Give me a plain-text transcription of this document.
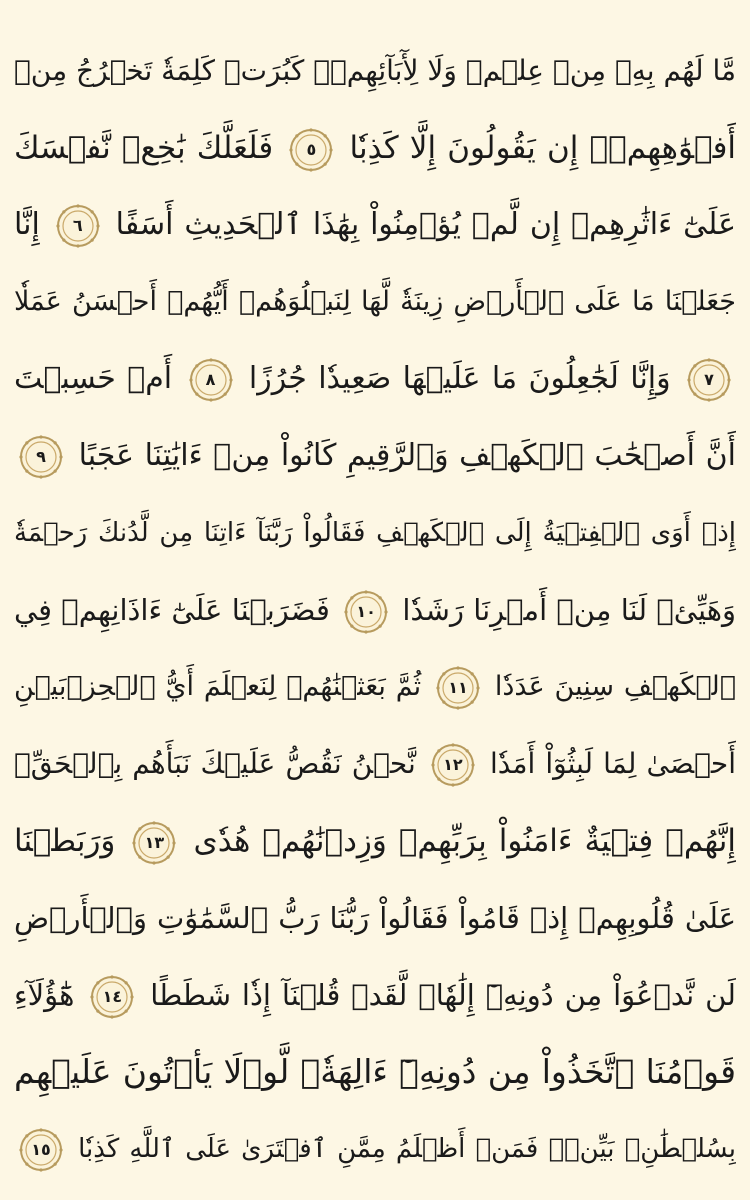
مَّا لَهُم بِهِۦ مِنۡ عِلۡمٖ وَلَا لِأٓبَآئِهِمۡۚ كَبُرَتۡ كَلِمَةٗ تَخۡرُجُ مِنۡ
أَفۡوَٰهِهِمۡۚ إِن يَقُولُونَ إِلَّا كَذِبٗا
٥
فَلَعَلَّكَ بَٰخِعٞ نَّفۡسَكَ
عَلَىٰٓ ءَاثَٰرِهِمۡ إِن لَّمۡ يُؤۡمِنُواْ بِهَٰذَا ٱلۡحَدِيثِ أَسَفًا
٦
إِنَّا
جَعَلۡنَا مَا عَلَى ٱلۡأَرۡضِ زِينَةٗ لَّهَا لِنَبۡلُوَهُمۡ أَيُّهُمۡ أَحۡسَنُ عَمَلٗا
٧
وَإِنَّا لَجَٰعِلُونَ مَا عَلَيۡهَا صَعِيدٗا جُرُزًا
٨
أَمۡ حَسِبۡتَ
أَنَّ أَصۡحَٰبَ ٱلۡكَهۡفِ وَٱلرَّقِيمِ كَانُواْ مِنۡ ءَايَٰتِنَا عَجَبًا
٩
إِذۡ أَوَى ٱلۡفِتۡيَةُ إِلَى ٱلۡكَهۡفِ فَقَالُواْ رَبَّنَآ ءَاتِنَا مِن لَّدُنكَ رَحۡمَةٗ
وَهَيِّئۡ لَنَا مِنۡ أَمۡرِنَا رَشَدٗا
١٠
فَضَرَبۡنَا عَلَىٰٓ ءَاذَانِهِمۡ فِي
ٱلۡكَهۡفِ سِنِينَ عَدَدٗا
١١
ثُمَّ بَعَثۡنَٰهُمۡ لِنَعۡلَمَ أَيُّ ٱلۡحِزۡبَيۡنِ
أَحۡصَىٰ لِمَا لَبِثُوٓاْ أَمَدٗا
١٢
نَّحۡنُ نَقُصُّ عَلَيۡكَ نَبَأَهُم بِٱلۡحَقِّۚ
إِنَّهُمۡ فِتۡيَةٌ ءَامَنُواْ بِرَبِّهِمۡ وَزِدۡنَٰهُمۡ هُدٗى
١٣
وَرَبَطۡنَا
عَلَىٰ قُلُوبِهِمۡ إِذۡ قَامُواْ فَقَالُواْ رَبُّنَا رَبُّ ٱلسَّمَٰوَٰتِ وَٱلۡأَرۡضِ
لَن نَّدۡعُوَاْ مِن دُونِهِۦٓ إِلَٰهٗاۖ لَّقَدۡ قُلۡنَآ إِذٗا شَطَطًا
١٤
هَٰٓؤُلَآءِ
قَوۡمُنَا ٱتَّخَذُواْ مِن دُونِهِۦٓ ءَالِهَةٗۖ لَّوۡلَا يَأۡتُونَ عَلَيۡهِم
بِسُلۡطَٰنِۭ بَيِّنٖۖ فَمَنۡ أَظۡلَمُ مِمَّنِ ٱفۡتَرَىٰ عَلَى ٱللَّهِ كَذِبٗا
١٥
